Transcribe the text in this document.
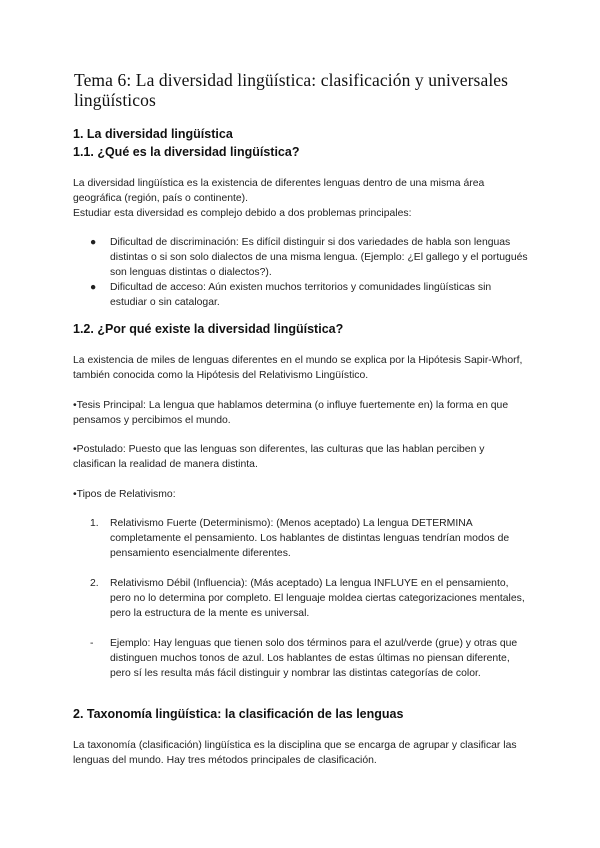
Tema 6: La diversidad lingüística: clasificación y universales lingüísticos
1. La diversidad lingüística
1.1. ¿Qué es la diversidad lingüística?
La diversidad lingüística es la existencia de diferentes lenguas dentro de una misma área geográfica (región, país o continente).
Estudiar esta diversidad es complejo debido a dos problemas principales:
● Dificultad de discriminación: Es difícil distinguir si dos variedades de habla son lenguas distintas o si son solo dialectos de una misma lengua. (Ejemplo: ¿El gallego y el portugués son lenguas distintas o dialectos?).
● Dificultad de acceso: Aún existen muchos territorios y comunidades lingüísticas sin estudiar o sin catalogar.
1.2. ¿Por qué existe la diversidad lingüística?
La existencia de miles de lenguas diferentes en el mundo se explica por la Hipótesis Sapir-Whorf, también conocida como la Hipótesis del Relativismo Lingüístico.
•Tesis Principal: La lengua que hablamos determina (o influye fuertemente en) la forma en que pensamos y percibimos el mundo.
•Postulado: Puesto que las lenguas son diferentes, las culturas que las hablan perciben y clasifican la realidad de manera distinta.
•Tipos de Relativismo:
1. Relativismo Fuerte (Determinismo): (Menos aceptado) La lengua DETERMINA completamente el pensamiento. Los hablantes de distintas lenguas tendrían modos de pensamiento esencialmente diferentes.
2. Relativismo Débil (Influencia): (Más aceptado) La lengua INFLUYE en el pensamiento, pero no lo determina por completo. El lenguaje moldea ciertas categorizaciones mentales, pero la estructura de la mente es universal.
- Ejemplo: Hay lenguas que tienen solo dos términos para el azul/verde (grue) y otras que distinguen muchos tonos de azul. Los hablantes de estas últimas no piensan diferente, pero sí les resulta más fácil distinguir y nombrar las distintas categorías de color.
2. Taxonomía lingüística: la clasificación de las lenguas
La taxonomía (clasificación) lingüística es la disciplina que se encarga de agrupar y clasificar las lenguas del mundo. Hay tres métodos principales de clasificación.
